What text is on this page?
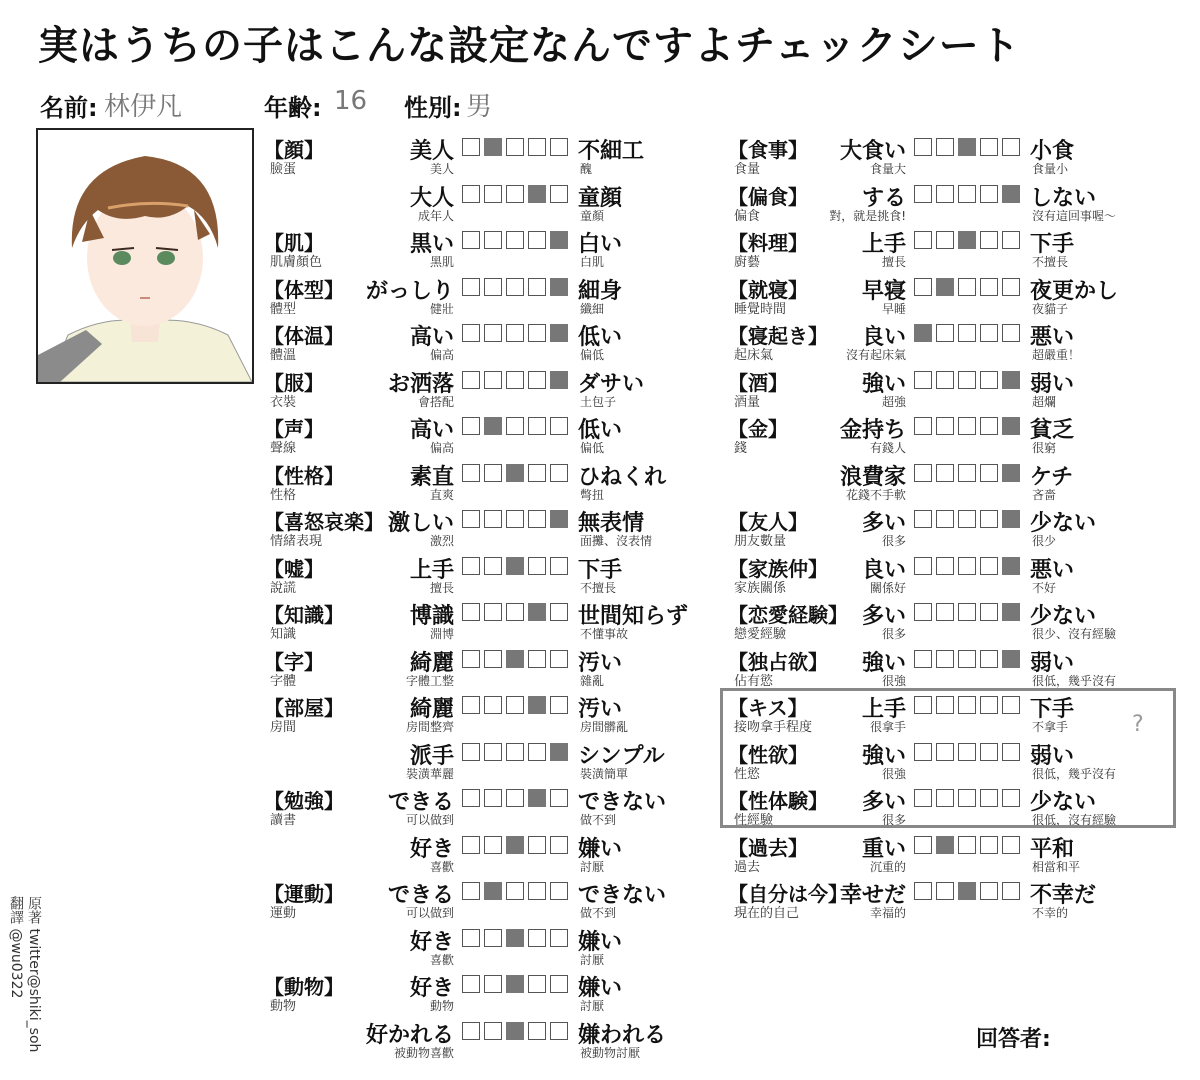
実はうちの子はこんな設定なんですよチェックシート
名前: 林伊凡	年齢: 16 性別: 男
【顔】
臉蛋
美人
美人
不細工
醜
大人
成年人
童顔
童顏
【肌】
肌膚顏色
黒い
黑肌
白い
白肌
【体型】
體型
がっしり
健壯
細身
纖細
【体温】
體溫
高い
偏高
低い
偏低
【服】
衣裝
お洒落
會搭配
ダサい
土包子
【声】
聲線
高い
偏高
低い
偏低
【性格】
性格
素直
直爽
ひねくれ
彆扭
【喜怒哀楽】
情緒表現
激しい
激烈
無表情
面攤、沒表情
【嘘】
說謊
上手
擅長
下手
不擅長
【知識】
知識
博識
淵博
世間知らず
不懂事故
【字】
字體
綺麗
字體工整
汚い
雜亂
【部屋】
房間
綺麗
房間整齊
汚い
房間髒亂
派手
裝潢華麗
シンプル
裝潢簡單
【勉強】
讀書
できる
可以做到
できない
做不到
好き
喜歡
嫌い
討厭
【運動】
運動
できる
可以做到
できない
做不到
好き
喜歡
嫌い
討厭
【動物】
動物
好き
動物
嫌い
討厭
好かれる
被動物喜歡
嫌われる
被動物討厭
【食事】
食量
大食い
食量大
小食
食量小
【偏食】
偏食
する
對，就是挑食!
しない
沒有這回事喔～
【料理】
廚藝
上手
擅長
下手
不擅長
【就寝】
睡覺時間
早寝
早睡
夜更かし
夜貓子
【寝起き】
起床氣
良い
沒有起床氣
悪い
超嚴重！
【酒】
酒量
強い
超強
弱い
超爛
【金】
錢
金持ち
有錢人
貧乏
很窮
浪費家
花錢不手軟
ケチ
吝嗇
【友人】
朋友數量
多い
很多
少ない
很少
【家族仲】
家族關係
良い
關係好
悪い
不好
【恋愛経験】
戀愛經驗
多い
很多
少ない
很少、沒有經驗
【独占欲】
佔有慾
強い
很強
弱い
很低，幾乎沒有
【キス】
接吻拿手程度
上手
很拿手
下手
不拿手
【性欲】
性慾
強い
很強
弱い
很低，幾乎沒有
【性体験】
性經驗
多い
很多
少ない
很低，沒有經驗
【過去】
過去
重い
沉重的
平和
相當和平
【自分は今】
現在的自己
幸せだ
幸福的
不幸だ
不幸的
?
回答者:
原著 twitter@shiki_soh
翻譯 @wu0322
